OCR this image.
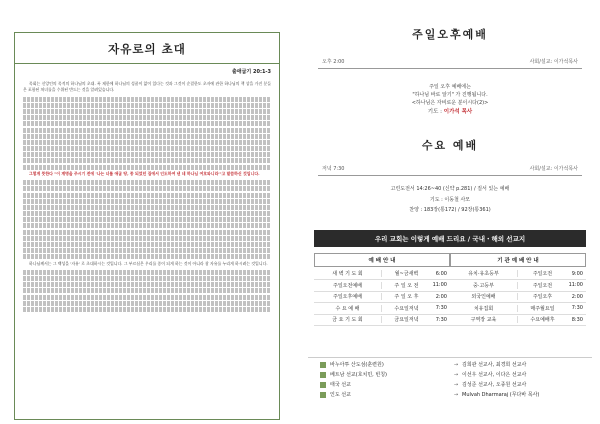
자유로의 초대
출애굽기 20:1-3

목회는 신앙인의 목적의 하나님의 초대. 폭 제한에 하나님의 성품이 앎이 있다는 것과 그것이 순결한도 초자에 관한 하나님의 책 상을 가진 분들은 포함된 처녀를을 수위된 반드는 것을 알려있습니다.

그렇게 뜻한다 "이 계명을 주시기 전에 '나는 너를 애굽 땅, 종 되었던 집에서 인도하여 낸 네 하나님 여호와니라'"고 말씀하신 것입니다.

하나님께서는 그 백성을 '자유' 로 초대하시는 것입니다. 그 부르심은 우리를 종이 되게 하는 것이 아니라 참 자유를 누리게 하시려는 것입니다.

주일오후예배
오후 2:00	사회/설교: 이가석목사
주일 오후 예배에는
"하나님 바로 알기" 가 진행됩니다.
<하나님은 자비로운 분이시다(2)>
기도 : 이가석 목사
수요 예배
저녁 7:30	사회/설교: 이가석목사
고린도전서 14:26~40 (신약 p.281) / 질서 있는 예배
기도 : 이동철 사모
찬양 : 183장(통172) / 92장(통361)
우리 교회는 이렇게 예배 드리요 / 국내・해외 선교지
예 배 안 내
새 벽 기 도 회	월~금새벽	6:00
주일오전예배	주 일 오 전	11:00
주일오후예배	주 일 오 후	2:00
수 요 예 배	수요일저녁	7:30
금 요 기 도 회	금요일저녁	7:30
기 관 예 배 안 내
유치·유초등부	주일오전	9:00
중·고등부	주일오전	11:00
외국인예배	주일오후	2:00
치유집회	매주월요일	7:30
구역장 교육	수요예배후	8:30
바누아투 산도섬(훈련원)	→ 김희관 선교사, 최경희 선교사
베트남 선교(호치민, 빈칭)	→ 이선우 선교사, 이다은 선교사
태국 선교	→ 김성준 선교사, 오종원 선교사
인도 선교	→ Mulvah Dharmaraj (무다바 목사)
